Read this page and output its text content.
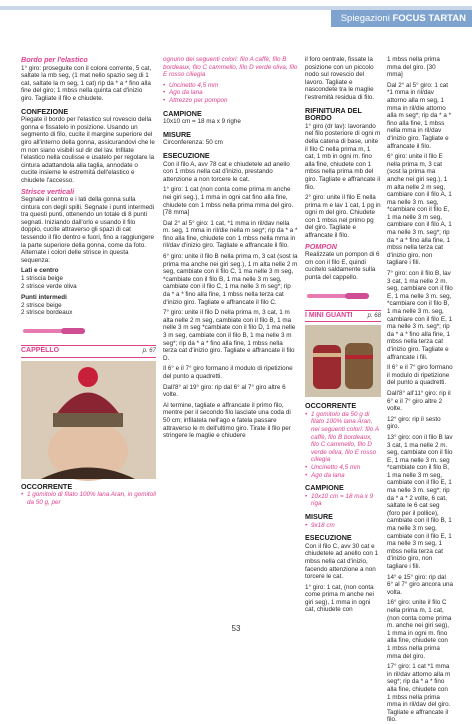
Spiegazioni FOCUS TARTAN
Bordo per l'elastico

1° giro: proseguite con il colore corrente, 5 cat, saltate la mb seg, (1 mat nello spazio seg di 1 cat, saltate la m seg, 1 cat) rip da * a * fino alla fine del giro; 1 mbss nella quinta cat d'inizio giro. Tagliate il filo e chiudete.

CONFEZIONE

Piegate il bordo per l'elastico sul rovescio della gonna e fissatelo in posizione. Usando un segmento di filo, cucite il margine superiore del giro all'interno della gonna, assicurandovi che le m non siano visibili sul dir del lav. Infilate l'elastico nella coulisse e usatelo per regolare la cintura adattandola alla taglia, annodate o cucite insieme le estremità dell'elastico e chiudete l'accesso.

Strisce verticali

Segnate il centro e i lati della gonna sulla cintura con degli spilli. Segnate i punti intermedi tra questi punti, ottenendo un totale di 8 punti segnati. Iniziando dall'orlo e usando il filo doppio, cucite attraverso gli spazi di cat tessendo il filo dentro e fuori, fino a raggiungere la parte superiore della gonna, come da foto. Alternate i colori delle strisce in questa sequenza:

Lati e centro
1 striscia beige
2 strisce verde oliva
Punti intermedi
2 strisce beige
2 strisce bordeaux
CAPPELLO	p. 67
OCCORRENTE
• 1 gomitolo di filato 100% lana Aran, in gomitoli da 50 g, per

ognuno dei seguenti colori: filo A caffè, filo B bordeaux, filo C cammello, filo D verde oliva, filo E rosso ciliegia

• Uncinetto 4,5 mm
• Ago da lana
• Attrezzo per pompon
CAMPIONE

10x10 cm = 18 ma x 9 righe

MISURE

Circonferenza: 50 cm

ESECUZIONE

Con il filo A, avv 78 cat e chiudetele ad anello con 1 mbss nella cat d'inizio, prestando attenzione a non torcere le cat.

1° giro: 1 cat (non conta come prima m anche nei giri seg.), 1 mma in ogni cat fino alla fine, chiudete con 1 mbss nella prima mma del giro. [78 mma]

Dal 2° al 5° giro: 1 cat, *1 mma in ril/dav nella m. seg, 1 mma in ril/die nella m seg*; rip da * a * fino alla fine, chiudete con 1 mbss nella mma in ril/dav d'inizio giro. Tagliate e affrancate il filo.

6° giro: unite il filo B nella prima m, 3 cat (sost la prima ma anche nei giri seg.), 1 m alta nelle 2 m seg, cambiate con il filo C, 1 ma nelle 3 m seg, *cambiate con il filo B, 1 ma nelle 3 m seg, cambiate con il filo C, 1 ma nelle 3 m seg*; rip da * a * fino alla fine, 1 mbss nella terza cat d'inizio giro. Tagliate e affrancate il filo C.

7° giro: unite il filo D nella prima m, 3 cat, 1 m alta nelle 2 m seg, cambiate con il filo B, 1 ma nelle 3 m seg *cambiate con il filo D, 1 ma nelle 3 m seg, cambiate con il filo B, 1 ma nelle 3 m seg*; rip da * a * fino alla fine, 1 mbss nella terza cat d'inizio giro. Tagliate e affrancate il filo D.

Il 6° e il 7° giro formano il modulo di ripetizione del punto a quadretti.

Dall'8° al 19° giro: rip dal 6° al 7° giro altre 6 volte.

Al termine, tagliate e affrancate il primo filo, mentre per il secondo filo lasciate una coda di 50 cm; infilatela nell'ago e fatela passare attraverso le m dell'ultimo giro. Tirate il filo per stringere le maglie e chiudere

il foro centrale, fissate la posizione con un piccolo nodo sul rovescio del lavoro. Tagliate e nascondete tra le maglie l'estremità residua di filo.

RIFINITURA DEL BORDO

1° giro (dr lav): lavorando nel filo posteriore di ogni m della catena di base, unite il filo C nella prima m, 1 cat, 1 mb in ogni m. fino alla fine, chiudete con 1 mbss nella prima mb del giro. Tagliate e affrancate il filo.

2° giro: unite il filo E nella prima m e lav 1 cat, 1 pg in ogni m del giro. Chiudete con 1 mbss nel primo pg del giro. Tagliate e affrancate il filo.

POMPON

Realizzate un pompon di 6 cm con il filo E, quindi cucitelo saldamente sulla punta del cappello.

I MINI GUANTI	p. 68
OCCORRENTE
• 1 gomitolo da 50 g di filato 100% lana Aran, nei seguenti colori: filo A caffè, filo B bordeaux, filo C cammello, filo D verde oliva, filo E rosso ciliegia
• Uncinetto 4,5 mm
• Ago da lana
CAMPIONE
• 10x10 cm = 18 ma x 9 riga
MISURE
• 9x18 cm
ESECUZIONE

Con il filo C, avv 30 cat e chiudetele ad anello con 1 mbss nella cat d'inizio, facendo attenzione a non torcere le cat.

1° giro: 1 cat, (non conta come prima m anche nei giri seg), 1 mma in ogni cat, chiudete con

1 mbss nella prima mma del giro. [30 mma]

Dal 2° al 5° giro: 1 cat *1 mma in ril/dav attorno alla m seg, 1 mma in ril/die attorno alla m seg*; rip da * a * fino alla fine, 1 mbss nella mma in ril/dav d'inizio giro. Tagliate e affrancate il filo.

6° giro: unite il filo E nella prima m, 3 cat (sost la prima ma anche nei giri seg.), 1 m alta nelle 2 m seg, cambiare con il filo A, 1 ma nelle 3 m. seg, *cambiare con il filo E, 1 ma nelle 3 m seg, cambiare con il filo A, 1 ma nelle 3 m. seg*; rip da * a * fino alla fine, 1 mbss nella terza cat d'inizio giro, non tagliare i fili.

7° giro: con il filo B, lav 3 cat, 1 ma nelle 2 m. seg, cambiare con il filo E, 1 ma nelle 3 m. seg, *cambiare con il filo B, 1 ma nelle 3 m. seg, cambiare con il filo E, 1 ma nelle 3 m. seg*; rip da * a * fino alla fine, 1 mbss nella terza cat d'inizio giro. Tagliate e affrancate i fili.

Il 6° e il 7° giro formano il modulo di ripetizione del punto a quadretti.

Dall'8° all'11° giro: rip il 6° e il 7° giro altre 2 volte.

12° giro: rip il sesto giro.

13° giro: con il filo B lav 3 cat, 1 ma nelle 2 m. seg, cambiate con il filo E, 1 ma nelle 3 m. seg *cambiate con il filo B, 1 ma nelle 3 m seg, cambiate con il filo E, 1 ma nelle 3 m. seg*; rip da * a * 2 volte, 6 cat, saltate le 6 cat seg (foro per il pollice), cambiate con il filo B, 1 ma nelle 3 m seg, cambiate con il filo E, 1 ma nelle 3 m seg, 1 mbss nella terza cat d'inizio giro, non tagliare i fili.

14° e 15° giro: rip dal 6° al 7° giro ancora una volta.

16° giro: unite il filo C nella prima m, 1 cat, (non conta come prima m. anche nei giri seg), 1 mma in ogni m. fino alla fine, chiudete con 1 mbss nella prima mma del giro.

17° giro: 1 cat *1 mma in ril/dav attorno alla m seg*; rip da * a * fino alla fine, chiudete con 1 mbss nella prima mma in ril/dav del giro. Tagliate e affrancate il filo.

53
